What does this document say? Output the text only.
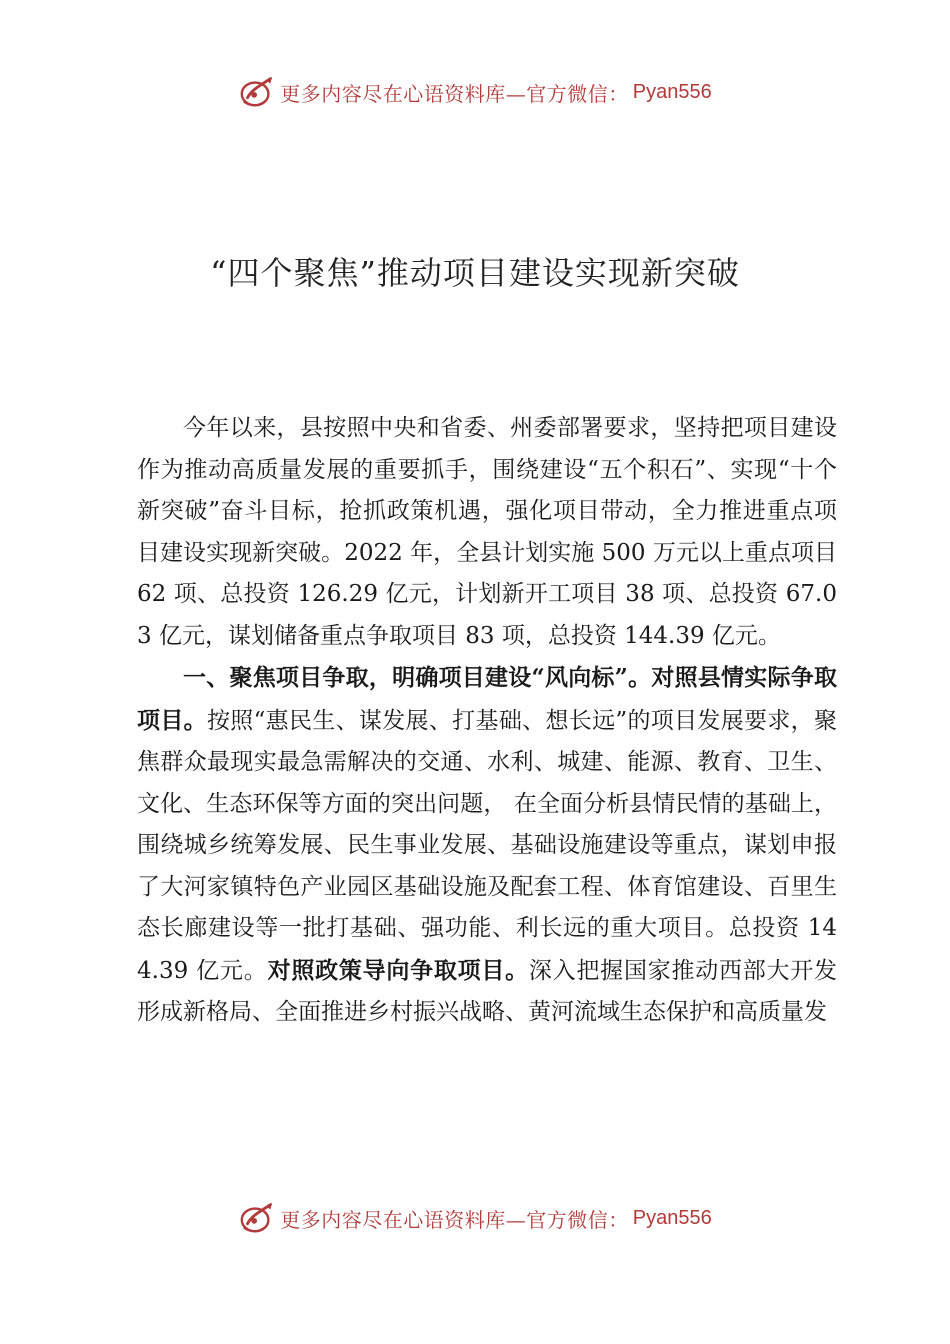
更多内容尽在心语资料库—官方微信： Pyan556
“四个聚焦”推动项目建设实现新突破

今年以来，县按照中央和省委、州委部署要求，坚持把项目建设作为推动高质量发展的重要抓手，围绕建设“五个积石”、实现“十个新突破”奋斗目标，抢抓政策机遇，强化项目带动，全力推进重点项目建设实现新突破。2022 年，全县计划实施 500 万元以上重点项目 62 项、总投资 126.29 亿元，计划新开工项目 38 项、总投资 67.03 亿元，谋划储备重点争取项目 83 项，总投资 144.39 亿元。

一、聚焦项目争取，明确项目建设“风向标”。对照县情实际争取项目。按照“惠民生、谋发展、打基础、想长远”的项目发展要求，聚焦群众最现实最急需解决的交通、水利、城建、能源、教育、卫生、文化、生态环保等方面的突出问题， 在全面分析县情民情的基础上，围绕城乡统筹发展、民生事业发展、基础设施建设等重点，谋划申报了大河家镇特色产业园区基础设施及配套工程、体育馆建设、百里生态长廊建设等一批打基础、强功能、利长远的重大项目。总投资 144.39 亿元。对照政策导向争取项目。深入把握国家推动西部大开发形成新格局、全面推进乡村振兴战略、黄河流域生态保护和高质量发

更多内容尽在心语资料库—官方微信： Pyan556
